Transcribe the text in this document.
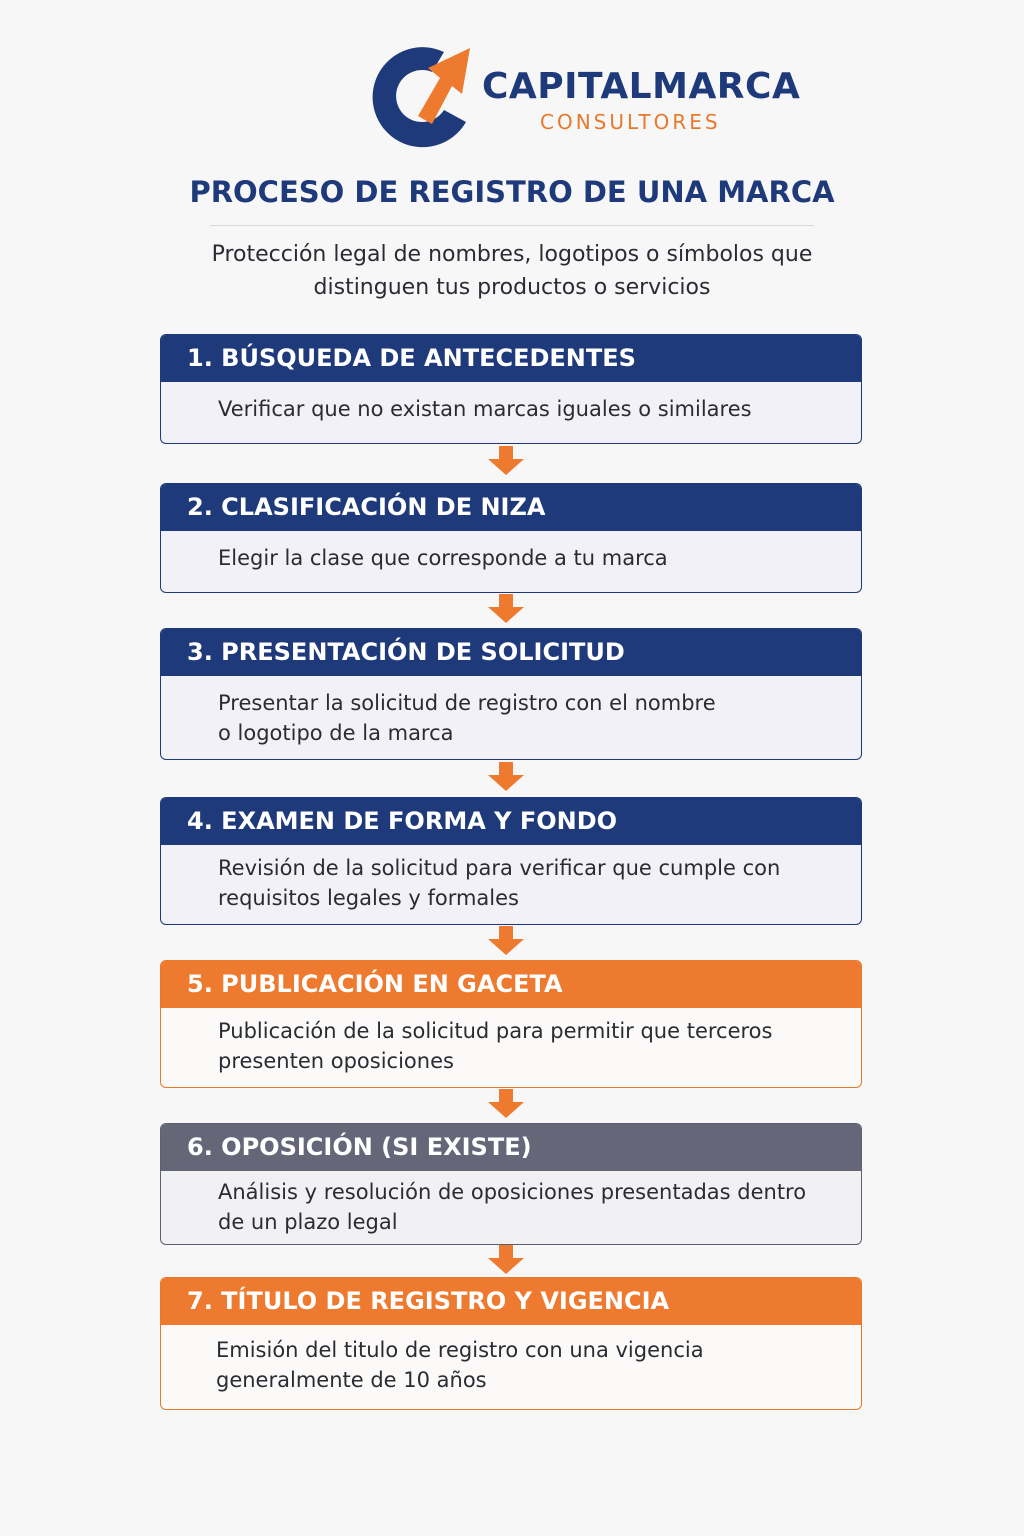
CAPITALMARCA
CONSULTORES
PROCESO DE REGISTRO DE UNA MARCA
Protección legal de nombres, logotipos o símbolos que
distinguen tus productos o servicios
1. BÚSQUEDA DE ANTECEDENTES
Verificar que no existan marcas iguales o similares
2. CLASIFICACIÓN DE NIZA
Elegir la clase que corresponde a tu marca
3. PRESENTACIÓN DE SOLICITUD
Presentar la solicitud de registro con el nombre
o logotipo de la marca
4. EXAMEN DE FORMA Y FONDO
Revisión de la solicitud para verificar que cumple con
requisitos legales y formales
5. PUBLICACIÓN EN GACETA
Publicación de la solicitud para permitir que terceros
presenten oposiciones
6. OPOSICIÓN (SI EXISTE)
Análisis y resolución de oposiciones presentadas dentro
de un plazo legal
7. TÍTULO DE REGISTRO Y VIGENCIA
Emisión del titulo de registro con una vigencia
generalmente de 10 años
